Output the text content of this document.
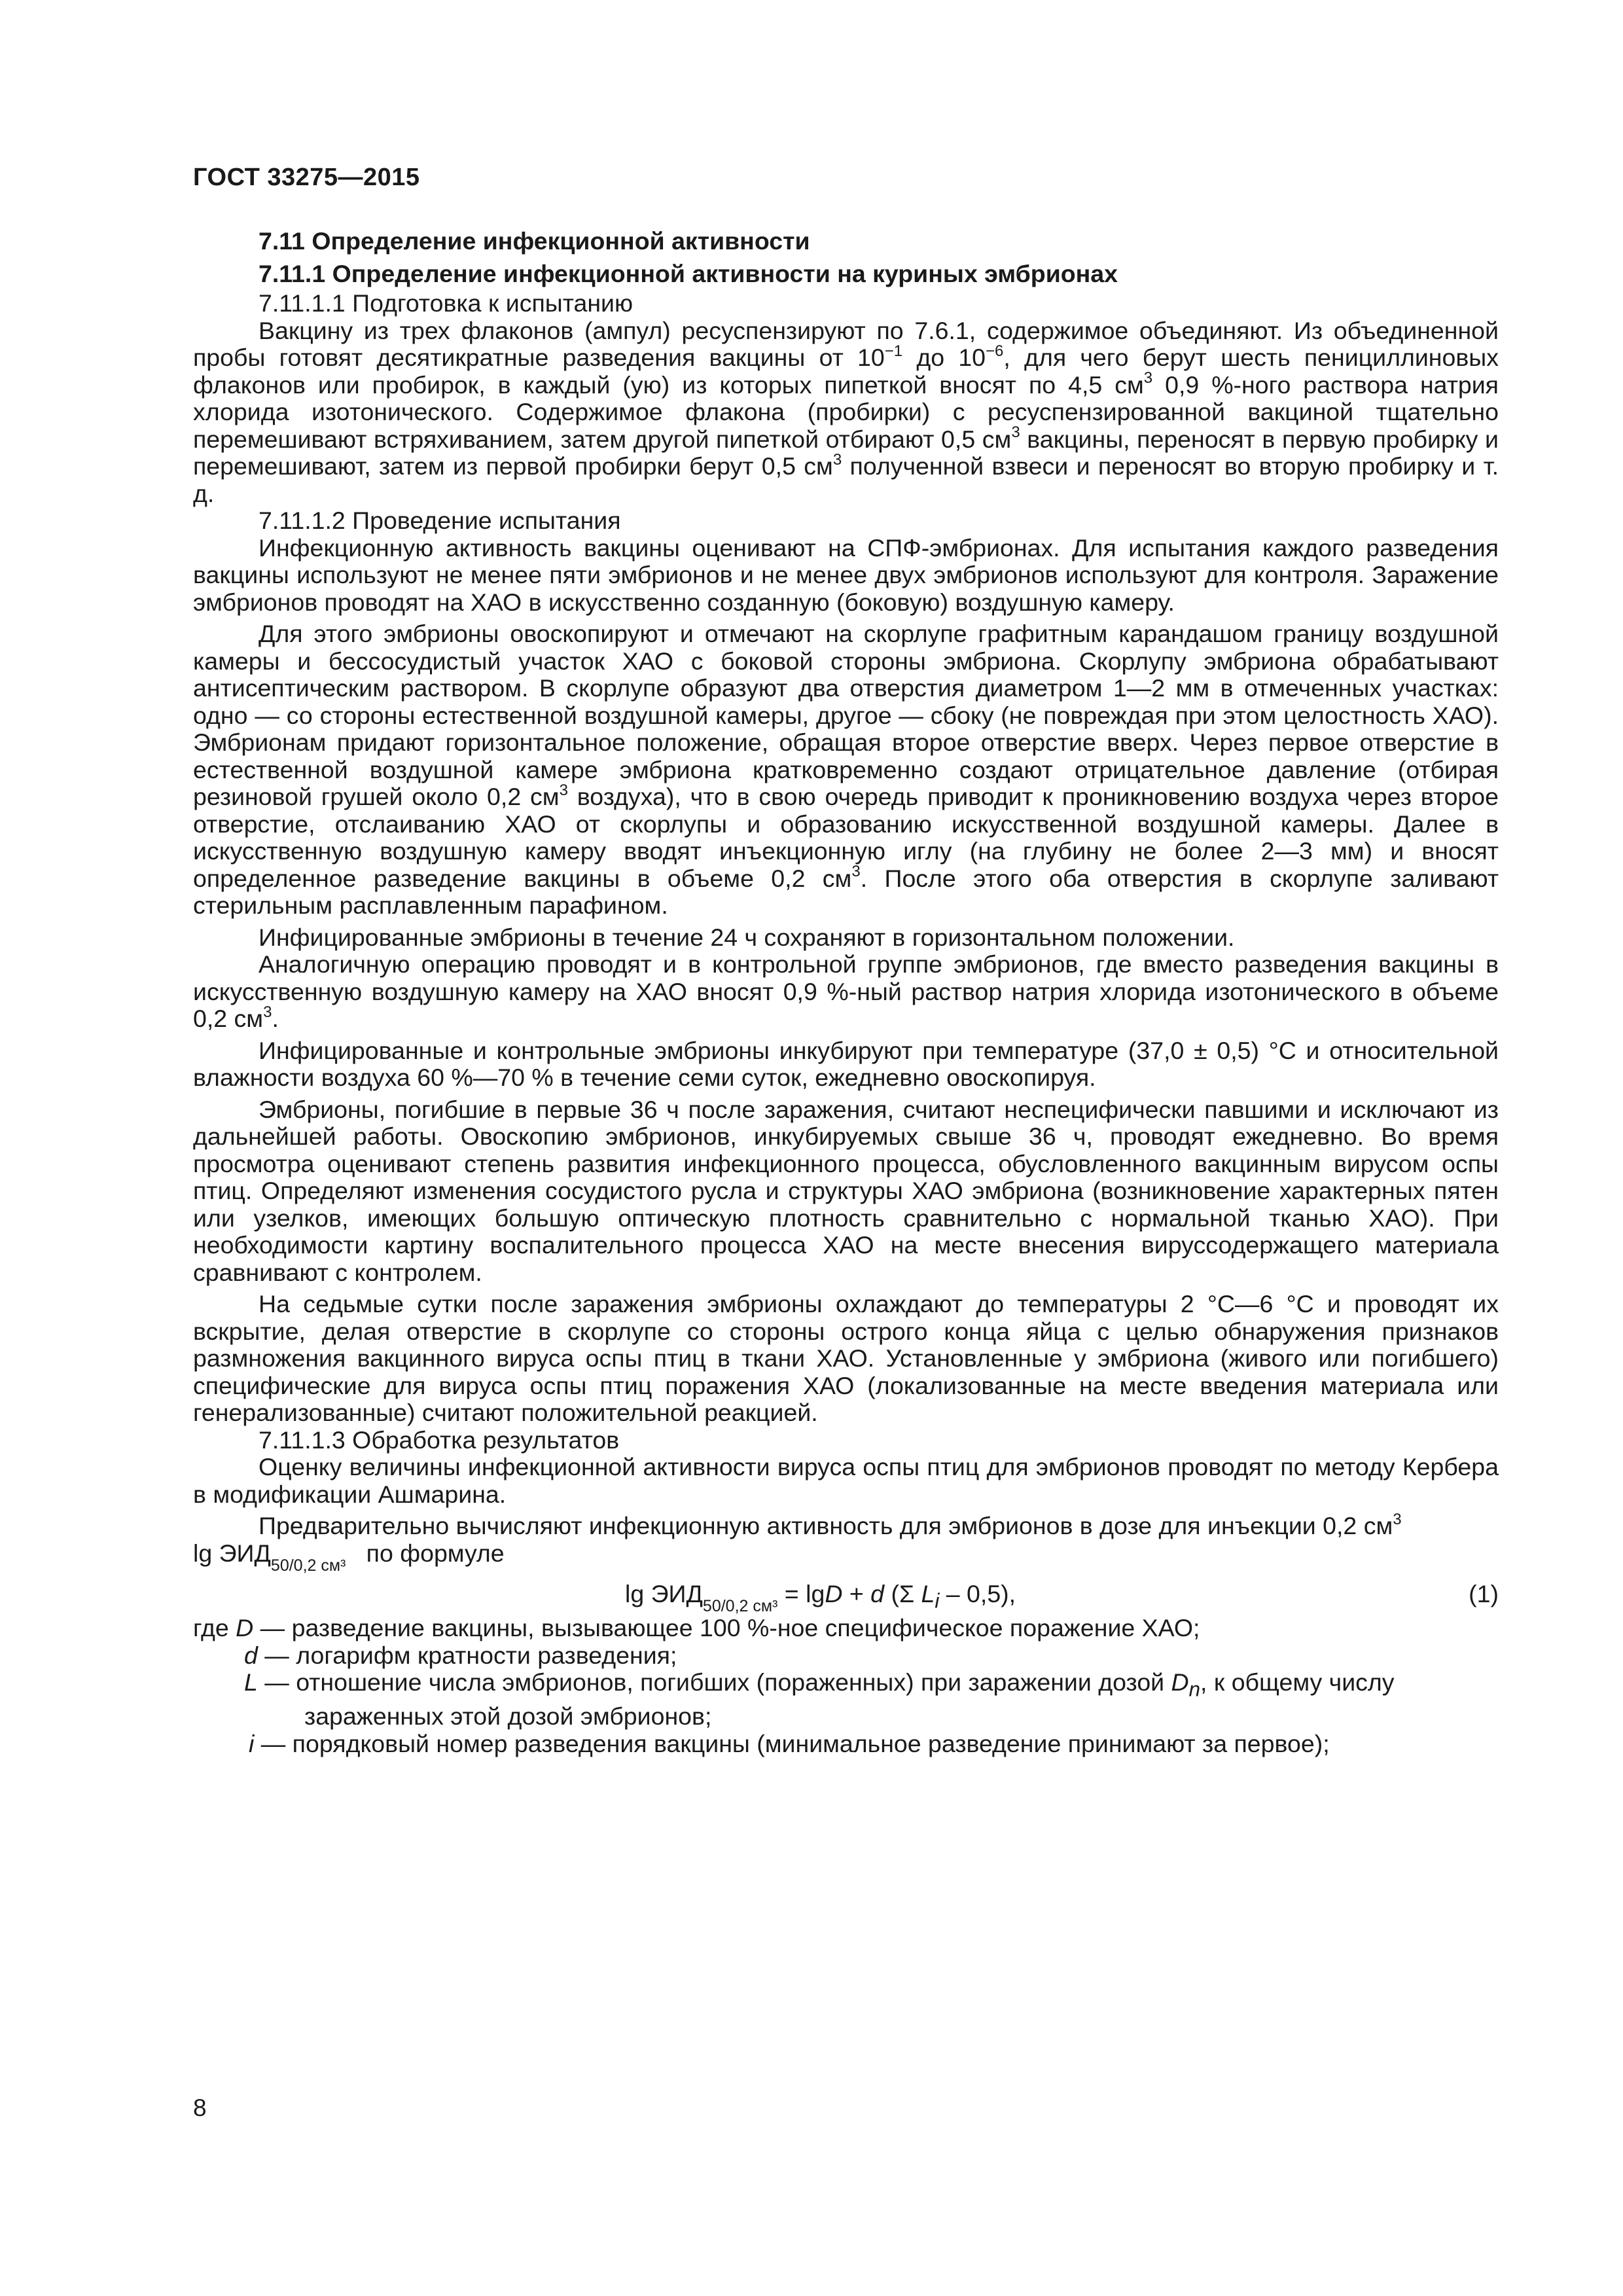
ГОСТ 33275—2015

7.11 Определение инфекционной активности

7.11.1 Определение инфекционной активности на куриных эмбрионах

7.11.1.1 Подготовка к испытанию

Вакцину из трех флаконов (ампул) ресуспензируют по 7.6.1, содержимое объединяют. Из объединенной пробы готовят десятикратные разведения вакцины от $10^{-1}$ до $10^{-6}$, для чего берут шесть пенициллиновых флаконов или пробирок, в каждый (ую) из которых пипеткой вносят по 4,5 $см^3$ 0,9 %-ного раствора натрия хлорида изотонического. Содержимое флакона (пробирки) с ресуспензированной вакциной тщательно перемешивают встряхиванием, затем другой пипеткой отбирают 0,5 $см^3$ вакцины, переносят в первую пробирку и перемешивают, затем из первой пробирки берут 0,5 $см^3$ полученной взвеси и переносят во вторую пробирку и т. д.

7.11.1.2 Проведение испытания

Инфекционную активность вакцины оценивают на СПФ-эмбрионах. Для испытания каждого разведения вакцины используют не менее пяти эмбрионов и не менее двух эмбрионов используют для контроля. Заражение эмбрионов проводят на ХАО в искусственно созданную (боковую) воздушную камеру.

Для этого эмбрионы овоскопируют и отмечают на скорлупе графитным карандашом границу воздушной камеры и бессосудистый участок ХАО с боковой стороны эмбриона. Скорлупу эмбриона обрабатывают антисептическим раствором. В скорлупе образуют два отверстия диаметром 1—2 мм в отмеченных участках: одно — со стороны естественной воздушной камеры, другое — сбоку (не повреждая при этом целостность ХАО). Эмбрионам придают горизонтальное положение, обращая второе отверстие вверх. Через первое отверстие в естественной воздушной камере эмбриона кратковременно создают отрицательное давление (отбирая резиновой грушей около 0,2 $см^3$ воздуха), что в свою очередь приводит к проникновению воздуха через второе отверстие, отслаиванию ХАО от скорлупы и образованию искусственной воздушной камеры. Далее в искусственную воздушную камеру вводят инъекционную иглу (на глубину не более 2—3 мм) и вносят определенное разведение вакцины в объеме 0,2 $см^3$. После этого оба отверстия в скорлупе заливают стерильным расплавленным парафином.

Инфицированные эмбрионы в течение 24 ч сохраняют в горизонтальном положении.

Аналогичную операцию проводят и в контрольной группе эмбрионов, где вместо разведения вакцины в искусственную воздушную камеру на ХАО вносят 0,9 %-ный раствор натрия хлорида изотонического в объеме 0,2 $см^3$.

Инфицированные и контрольные эмбрионы инкубируют при температуре (37,0 ± 0,5) °С и относительной влажности воздуха 60 %—70 % в течение семи суток, ежедневно овоскопируя.

Эмбрионы, погибшие в первые 36 ч после заражения, считают неспецифически павшими и исключают из дальнейшей работы. Овоскопию эмбрионов, инкубируемых свыше 36 ч, проводят ежедневно. Во время просмотра оценивают степень развития инфекционного процесса, обусловленного вакцинным вирусом оспы птиц. Определяют изменения сосудистого русла и структуры ХАО эмбриона (возникновение характерных пятен или узелков, имеющих большую оптическую плотность сравнительно с нормальной тканью ХАО). При необходимости картину воспалительного процесса ХАО на месте внесения вируссодержащего материала сравнивают с контролем.

На седьмые сутки после заражения эмбрионы охлаждают до температуры 2 °С—6 °С и проводят их вскрытие, делая отверстие в скорлупе со стороны острого конца яйца с целью обнаружения признаков размножения вакцинного вируса оспы птиц в ткани ХАО. Установленные у эмбриона (живого или погибшего) специфические для вируса оспы птиц поражения ХАО (локализованные на месте введения материала или генерализованные) считают положительной реакцией.

7.11.1.3 Обработка результатов

Оценку величины инфекционной активности вируса оспы птиц для эмбрионов проводят по методу Кербера в модификации Ашмарина.

Предварительно вычисляют инфекционную активность для эмбрионов в дозе для инъекции 0,2 $см^3$

$\lg ЭИД_{50/0,2 см^3}$ по формуле

$\lg ЭИД_{50/0,2 см^3} = \lg D + d$ (Σ $L_i - 0,5$),	(1)

где D — разведение вакцины, вызывающее 100 %-ное специфическое поражение ХАО;

d — логарифм кратности разведения;

L — отношение числа эмбрионов, погибших (пораженных) при заражении дозой $D_n$, к общему числу

зараженных этой дозой эмбрионов;

i — порядковый номер разведения вакцины (минимальное разведение принимают за первое);

8
